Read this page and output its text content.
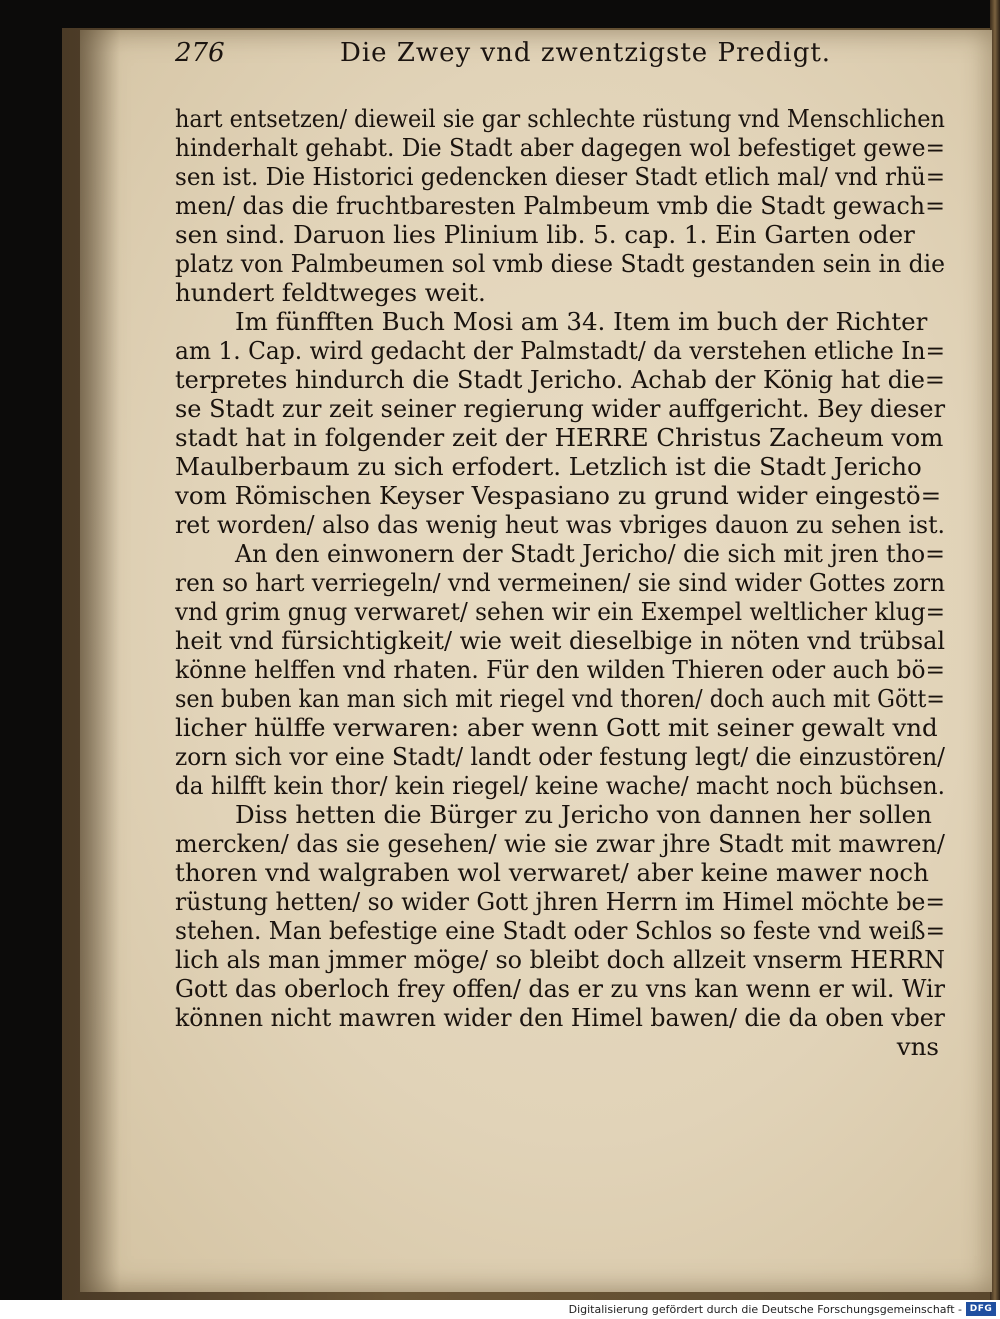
276	Die Zwey vnd zwentzigste Predigt.
hart entsetzen/ dieweil sie gar schlechte rüstung vnd Menschlichen
hinderhalt gehabt. Die Stadt aber dagegen wol befestiget gewe=
sen ist. Die Historici gedencken dieser Stadt etlich mal/ vnd rhü=
men/ das die fruchtbaresten Palmbeum vmb die Stadt gewach=
sen sind. Daruon lies Plinium lib. 5. cap. 1. Ein Garten oder
platz von Palmbeumen sol vmb diese Stadt gestanden sein in die
hundert feldtweges weit.
Im fünfften Buch Mosi am 34. Item im buch der Richter
am 1. Cap. wird gedacht der Palmstadt/ da verstehen etliche In=
terpretes hindurch die Stadt Jericho. Achab der König hat die=
se Stadt zur zeit seiner regierung wider auffgericht. Bey dieser
stadt hat in folgender zeit der HERRE Christus Zacheum vom
Maulberbaum zu sich erfodert. Letzlich ist die Stadt Jericho
vom Römischen Keyser Vespasiano zu grund wider eingestö=
ret worden/ also das wenig heut was vbriges dauon zu sehen ist.
An den einwonern der Stadt Jericho/ die sich mit jren tho=
ren so hart verriegeln/ vnd vermeinen/ sie sind wider Gottes zorn
vnd grim gnug verwaret/ sehen wir ein Exempel weltlicher klug=
heit vnd fürsichtigkeit/ wie weit dieselbige in nöten vnd trübsal
könne helffen vnd rhaten. Für den wilden Thieren oder auch bö=
sen buben kan man sich mit riegel vnd thoren/ doch auch mit Gött=
licher hülffe verwaren: aber wenn Gott mit seiner gewalt vnd
zorn sich vor eine Stadt/ landt oder festung legt/ die einzustören/
da hilfft kein thor/ kein riegel/ keine wache/ macht noch büchsen.
Diss hetten die Bürger zu Jericho von dannen her sollen
mercken/ das sie gesehen/ wie sie zwar jhre Stadt mit mawren/
thoren vnd walgraben wol verwaret/ aber keine mawer noch
rüstung hetten/ so wider Gott jhren Herrn im Himel möchte be=
stehen. Man befestige eine Stadt oder Schlos so feste vnd weiß=
lich als man jmmer möge/ so bleibt doch allzeit vnserm HERRN
Gott das oberloch frey offen/ das er zu vns kan wenn er wil. Wir
können nicht mawren wider den Himel bawen/ die da oben vber
vns
Digitalisierung gefördert durch die Deutsche Forschungsgemeinschaft - DFG
